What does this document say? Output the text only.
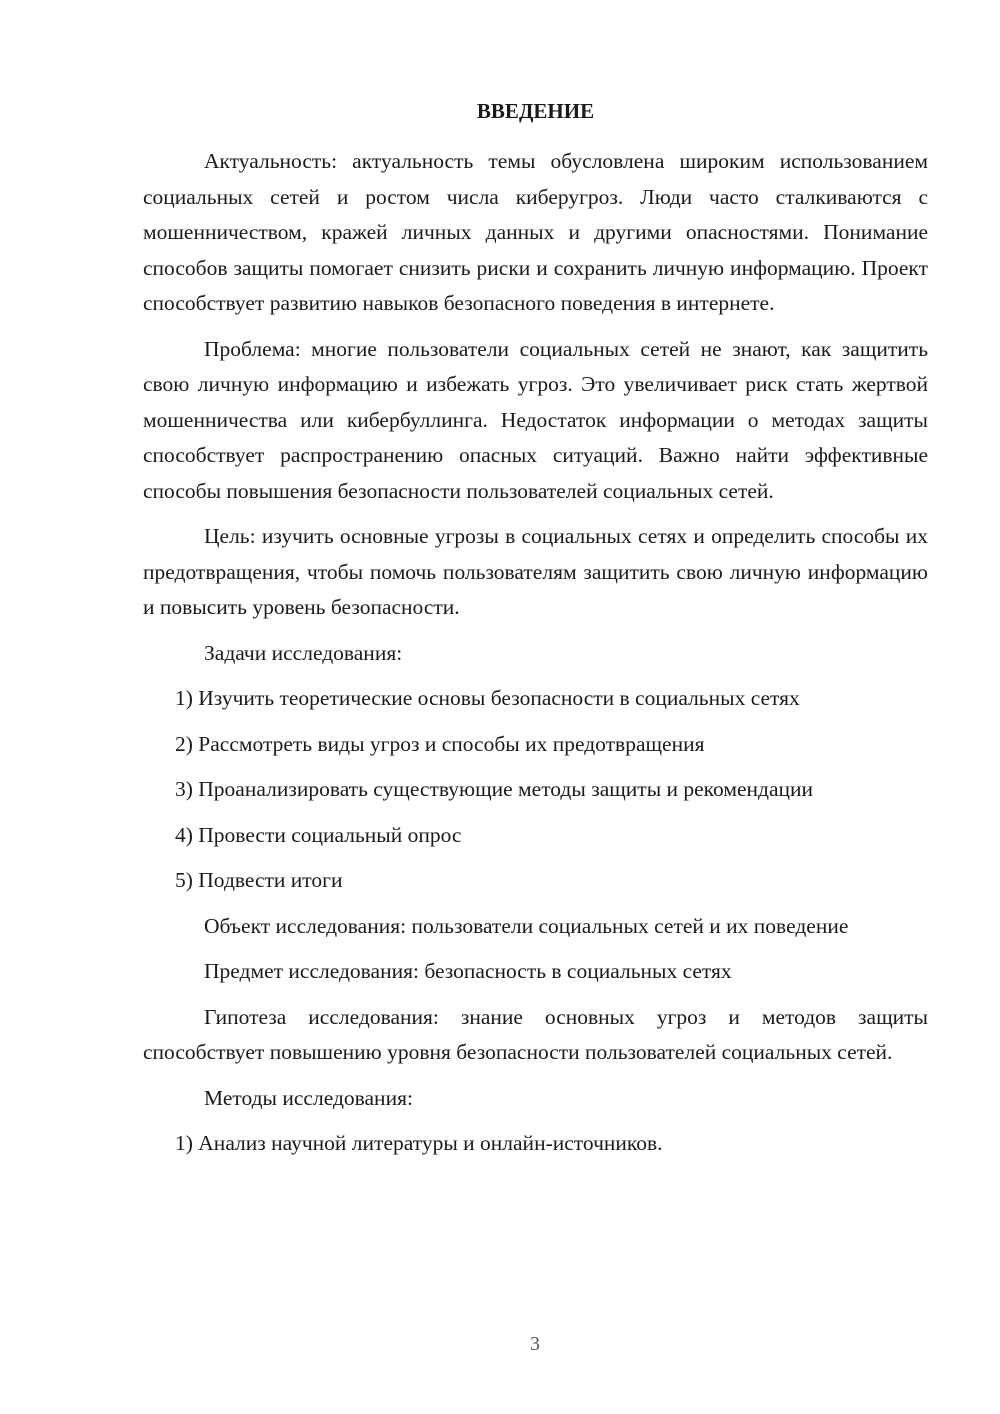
ВВЕДЕНИЕ

Актуальность: актуальность темы обусловлена широким использованием социальных сетей и ростом числа киберугроз. Люди часто сталкиваются с мошенничеством, кражей личных данных и другими опасностями. Понимание способов защиты помогает снизить риски и сохранить личную информацию. Проект способствует развитию навыков безопасного поведения в интернете.

Проблема: многие пользователи социальных сетей не знают, как защитить свою личную информацию и избежать угроз. Это увеличивает риск стать жертвой мошенничества или кибербуллинга. Недостаток информации о методах защиты способствует распространению опасных ситуаций. Важно найти эффективные способы повышения безопасности пользователей социальных сетей.

Цель: изучить основные угрозы в социальных сетях и определить способы их предотвращения, чтобы помочь пользователям защитить свою личную информацию и повысить уровень безопасности.

Задачи исследования:
1) Изучить теоретические основы безопасности в социальных сетях
2) Рассмотреть виды угроз и способы их предотвращения
3) Проанализировать существующие методы защиты и рекомендации
4) Провести социальный опрос
5) Подвести итоги

Объект исследования: пользователи социальных сетей и их поведение

Предмет исследования: безопасность в социальных сетях

Гипотеза исследования: знание основных угроз и методов защиты способствует повышению уровня безопасности пользователей социальных сетей.

Методы исследования:
1) Анализ научной литературы и онлайн-источников.
3
